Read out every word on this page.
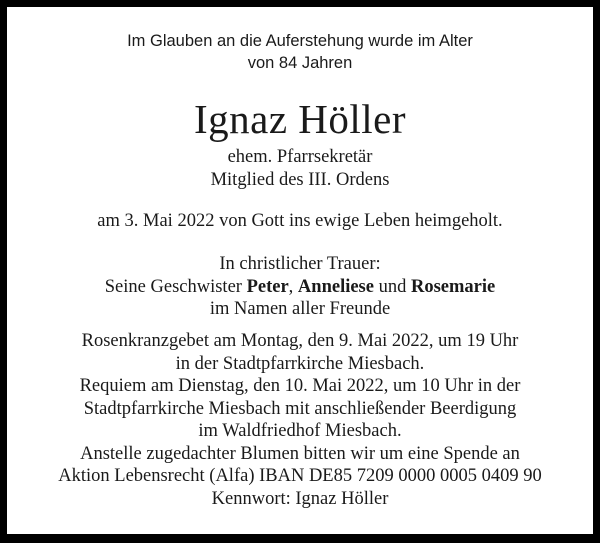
Im Glauben an die Auferstehung wurde im Alter
von 84 Jahren
Ignaz Höller
ehem. Pfarrsekretär
Mitglied des III. Ordens
am 3. Mai 2022 von Gott ins ewige Leben heimgeholt.
In christlicher Trauer:
Seine Geschwister Peter, Anneliese und Rosemarie
im Namen aller Freunde
Rosenkranzgebet am Montag, den 9. Mai 2022, um 19 Uhr
in der Stadtpfarrkirche Miesbach.
Requiem am Dienstag, den 10. Mai 2022, um 10 Uhr in der
Stadtpfarrkirche Miesbach mit anschließender Beerdigung
im Waldfriedhof Miesbach.
Anstelle zugedachter Blumen bitten wir um eine Spende an
Aktion Lebensrecht (Alfa) IBAN DE85 7209 0000 0005 0409 90
Kennwort: Ignaz Höller
